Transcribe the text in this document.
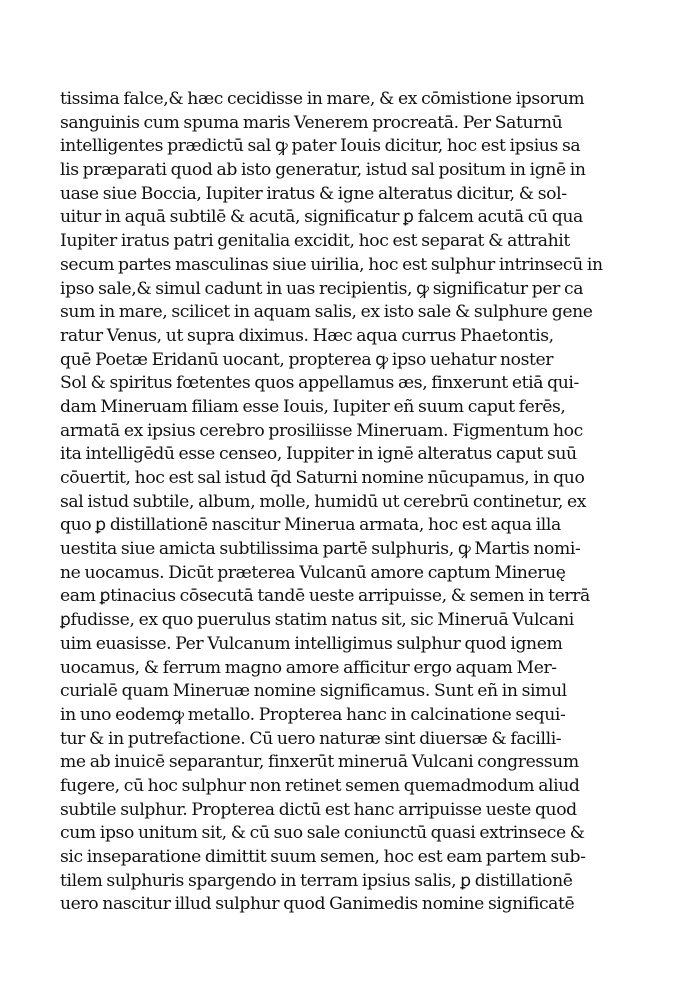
tissima falce,& hæc cecidisse in mare, & ex cōmistione ipsorum
sanguinis cum spuma maris Venerem procreatā. Per Saturnū
intelligentes prædictū sal ꝙ pater Iouis dicitur, hoc est ipsius sa
lis præparati quod ab isto generatur, istud sal positum in ignē in
uase siue Boccia, Iupiter iratus & igne alteratus dicitur, & sol-
uitur in aquā subtilē & acutā, significatur ꝑ falcem acutā cū qua
Iupiter iratus patri genitalia excidit, hoc est separat & attrahit
secum partes masculinas siue uirilia, hoc est sulphur intrinsecū in
ipso sale,& simul cadunt in uas recipientis, ꝙ significatur per ca
sum in mare, scilicet in aquam salis, ex isto sale & sulphure gene
ratur Venus, ut supra diximus. Hæc aqua currus Phaetontis,
quē Poetæ Eridanū uocant, propterea ꝙ ipso uehatur noster
Sol & spiritus fœtentes quos appellamus æs, finxerunt etiā qui-
dam Mineruam filiam esse Iouis, Iupiter eñ suum caput ferēs,
armatā ex ipsius cerebro prosiliisse Mineruam. Figmentum hoc
ita intelligēdū esse censeo, Iuppiter in ignē alteratus caput suū
cōuertit, hoc est sal istud q̄d Saturni nomine nūcupamus, in quo
sal istud subtile, album, molle, humidū ut cerebrū continetur, ex
quo ꝑ distillationē nascitur Minerua armata, hoc est aqua illa
uestita siue amicta subtilissima partē sulphuris, ꝙ Martis nomi-
ne uocamus. Dicūt præterea Vulcanū amore captum Mineruę
eam ꝑtinacius cōsecutā tandē ueste arripuisse, & semen in terrā
ꝑfudisse, ex quo puerulus statim natus sit, sic Mineruā Vulcani
uim euasisse. Per Vulcanum intelligimus sulphur quod ignem
uocamus, & ferrum magno amore afficitur ergo aquam Mer-
curialē quam Mineruæ nomine significamus. Sunt eñ in simul
in uno eodemꝙ metallo. Propterea hanc in calcinatione sequi-
tur & in putrefactione. Cū uero naturæ sint diuersæ & facilli-
me ab inuicē separantur, finxerūt mineruā Vulcani congressum
fugere, cū hoc sulphur non retinet semen quemadmodum aliud
subtile sulphur. Propterea dictū est hanc arripuisse ueste quod
cum ipso unitum sit, & cū suo sale coniunctū quasi extrinsece &
sic inseparatione dimittit suum semen, hoc est eam partem sub-
tilem sulphuris spargendo in terram ipsius salis, ꝑ distillationē
uero nascitur illud sulphur quod Ganimedis nomine significatē
